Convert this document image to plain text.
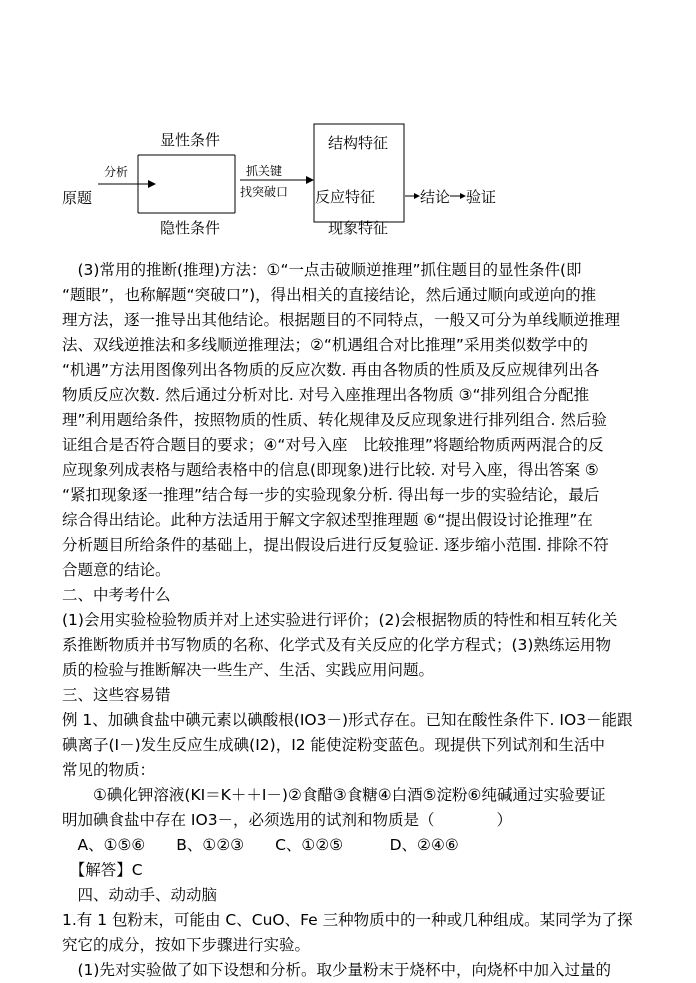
原题
分析
显性条件
隐性条件
抓关键
找突破口
结构特征
反应特征
现象特征
结论 验证
　(3)常用的推断(推理)方法：①“一点击破顺逆推理”抓住题目的显性条件(即
“题眼”，也称解题“突破口”)，得出相关的直接结论，然后通过顺向或逆向的推
理方法，逐一推导出其他结论。根据题目的不同特点，一般又可分为单线顺逆推理
法、双线逆推法和多线顺逆推理法；②“机遇组合对比推理”采用类似数学中的
“机遇”方法用图像列出各物质的反应次数. 再由各物质的性质及反应规律列出各
物质反应次数. 然后通过分析对比. 对号入座推理出各物质 ③“排列组合分配推
理”利用题给条件，按照物质的性质、转化规律及反应现象进行排列组合. 然后验
证组合是否符合题目的要求；④“对号入座　比较推理”将题给物质两两混合的反
应现象列成表格与题给表格中的信息(即现象)进行比较. 对号入座，得出答案 ⑤
“紧扣现象逐一推理”结合每一步的实验现象分析. 得出每一步的实验结论，最后
综合得出结论。此种方法适用于解文字叙述型推理题 ⑥“提出假设讨论推理”在
分析题目所给条件的基础上，提出假设后进行反复验证. 逐步缩小范围. 排除不符
合题意的结论。
二、中考考什么
(1)会用实验检验物质并对上述实验进行评价；(2)会根据物质的特性和相互转化关
系推断物质并书写物质的名称、化学式及有关反应的化学方程式；(3)熟练运用物
质的检验与推断解决一些生产、生活、实践应用问题。
三、这些容易错
例 1、加碘食盐中碘元素以碘酸根(IO3－)形式存在。已知在酸性条件下. IO3－能跟
碘离子(I－)发生反应生成碘(I2)，I2 能使淀粉变蓝色。现提供下列试剂和生活中
常见的物质：
　　①碘化钾溶液(KI＝K＋＋I－)②食醋③食糖④白酒⑤淀粉⑥纯碱通过实验要证
明加碘食盐中存在 IO3－，必须选用的试剂和物质是（　　　　）
　A、①⑤⑥　　B、①②③　　C、①②⑤　　　D、②④⑥
　【解答】C
　四、动动手、动动脑
1.有 1 包粉末，可能由 C、CuO、Fe 三种物质中的一种或几种组成。某同学为了探
究它的成分，按如下步骤进行实验。
　(1)先对实验做了如下设想和分析。取少量粉末于烧杯中，向烧杯中加入过量的
